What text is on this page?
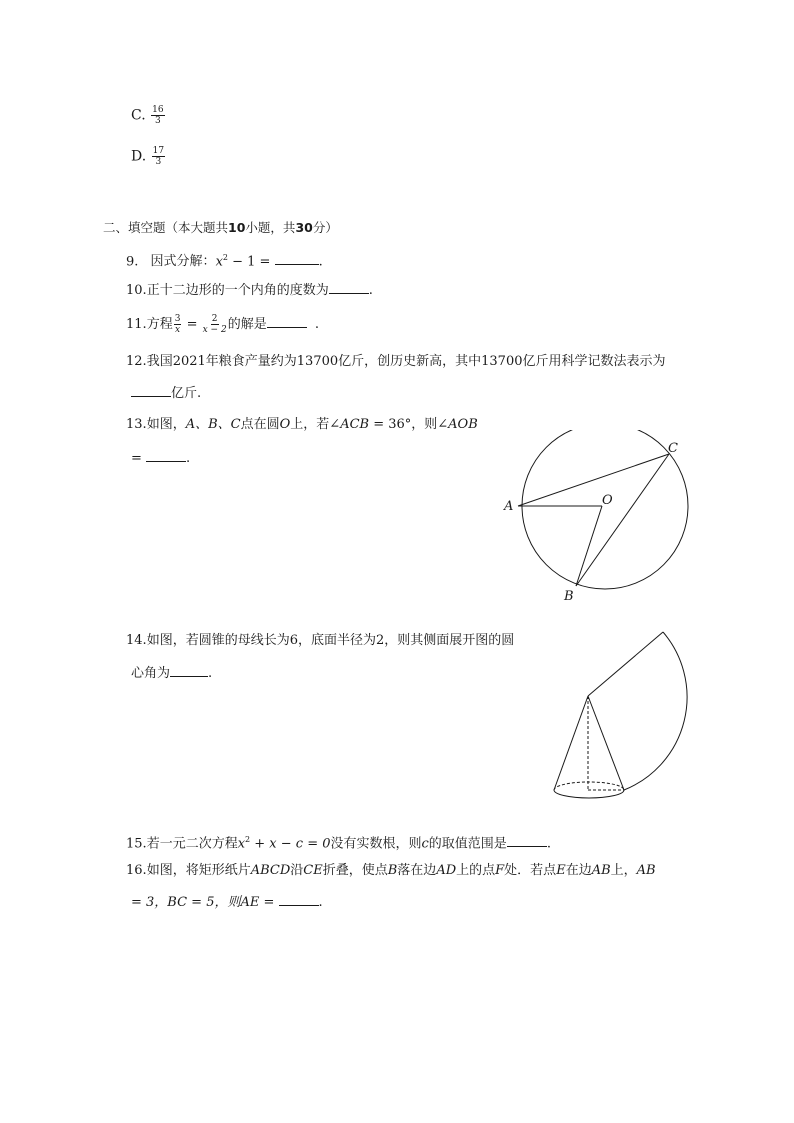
C. $\frac{16}{3}$
D. $\frac{17}{3}$
二、填空题（本大题共10小题，共30分）
9. 因式分解：$x^2 - 1$ =	.
10.正十二边形的一个内角的度数为	.
11.方程 $\frac{3}{x} = \frac{2}{x - 2}$ 的解是	.
12.我国2021年粮食产量约为13700亿斤，创历史新高，其中13700亿斤用科学记数法表示为
亿斤.
13.如图，A、B、C点在圆O上，若∠ACB = 36°，则∠AOB
=	.
A
B
C
O
14.如图，若圆锥的母线长为6，底面半径为2，则其侧面展开图的圆
心角为	.
15.若一元二次方程$x^2 + x - c = 0$没有实数根，则c的取值范围是	.
16.如图，将矩形纸片ABCD沿CE折叠，使点B落在边AD上的点F处．若点E在边AB上，AB
= 3，BC = 5，则AE =	.
